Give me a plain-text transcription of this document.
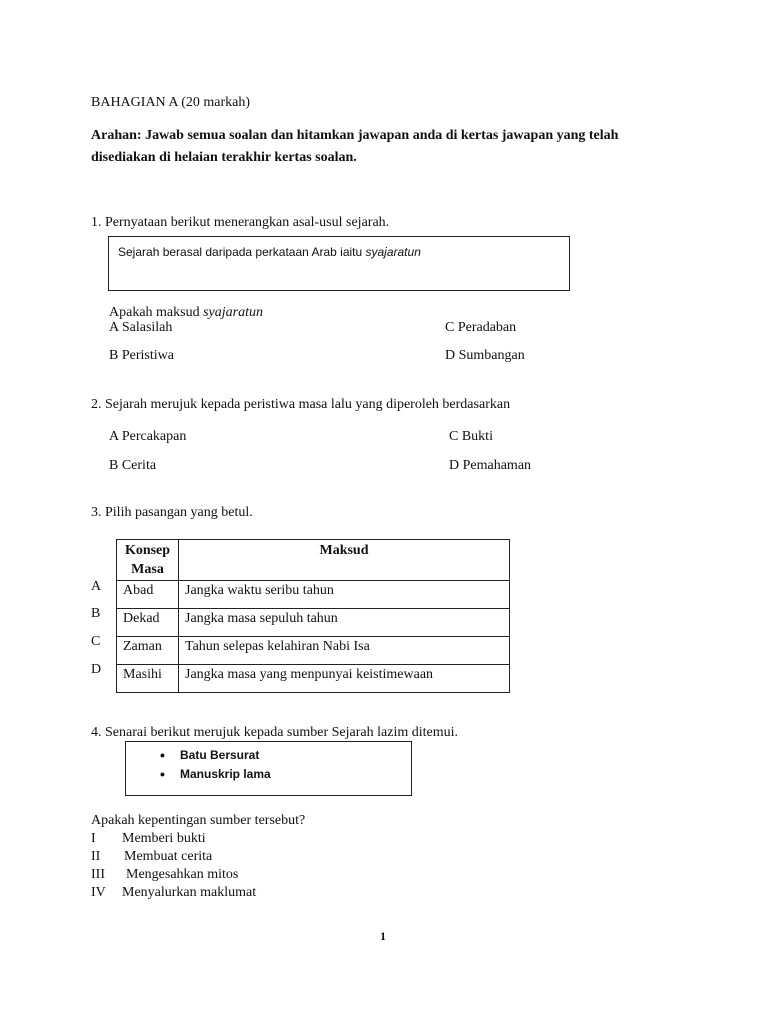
BAHAGIAN A (20 markah)
Arahan: Jawab semua soalan dan hitamkan jawapan anda di kertas jawapan yang telah
disediakan di helaian terakhir kertas soalan.
1. Pernyataan berikut menerangkan asal-usul sejarah.
Sejarah berasal daripada perkataan Arab iaitu syajaratun
Apakah maksud syajaratun
A Salasilah	C Peradaban
B Peristiwa	D Sumbangan
2. Sejarah merujuk kepada peristiwa masa lalu yang diperoleh berdasarkan
A Percakapan	C Bukti
B Cerita	D Pemahaman
3. Pilih pasangan yang betul.
Konsep
Masa	Maksud
Abad	Jangka waktu seribu tahun
Dekad	Jangka masa sepuluh tahun
Zaman	Tahun selepas kelahiran Nabi Isa
Masihi	Jangka masa yang menpunyai keistimewaan
A
B
C
D
4. Senarai berikut merujuk kepada sumber Sejarah lazim ditemui.
• Batu Bersurat
• Manuskrip lama
Apakah kepentingan sumber tersebut?
I Memberi bukti
II Membuat cerita
III Mengesahkan mitos
IV Menyalurkan maklumat
1
